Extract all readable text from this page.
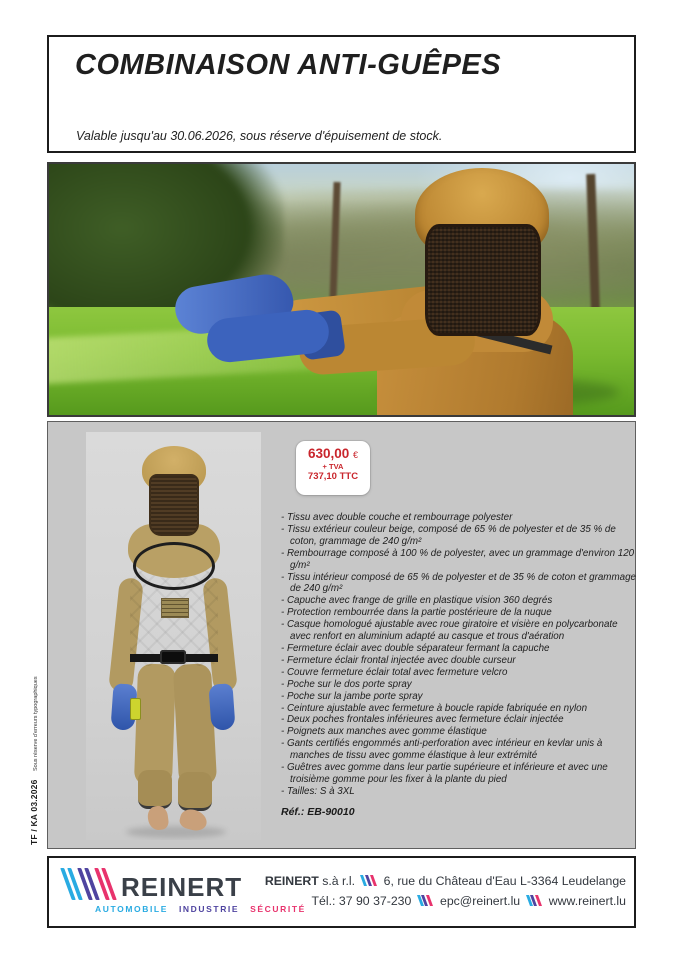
TF / KA 03.2026 Sous réserve d'erreurs typographiques
COMBINAISON ANTI-GUÊPES

Valable jusqu'au 30.06.2026, sous réserve d'épuisement de stock.

630,00 €
+ TVA
737,10 TTC
- Tissu avec double couche et rembourrage polyester
- Tissu extérieur couleur beige, composé de 65 % de polyester et de 35 % de coton, grammage de 240 g/m²
- Rembourrage composé à 100 % de polyester, avec un grammage d'environ 120 g/m²
- Tissu intérieur composé de 65 % de polyester et de 35 % de coton et grammage de 240 g/m²
- Capuche avec frange de grille en plastique vision 360 degrés
- Protection rembourrée dans la partie postérieure de la nuque
- Casque homologué ajustable avec roue giratoire et visière en polycarbonate avec renfort en aluminium adapté au casque et trous d'aération
- Fermeture éclair avec double séparateur fermant la capuche
- Fermeture éclair frontal injectée avec double curseur
- Couvre fermeture éclair total avec fermeture velcro
- Poche sur le dos porte spray
- Poche sur la jambe porte spray
- Ceinture ajustable avec fermeture à boucle rapide fabriquée en nylon
- Deux poches frontales inférieures avec fermeture éclair injectée
- Poignets aux manches avec gomme élastique
- Gants certifiés engommés anti-perforation avec intérieur en kevlar unis à manches de tissu avec gomme élastique à leur extrémité
- Guêtres avec gomme dans leur partie supérieure et inférieure et avec une troisième gomme pour les fixer à la plante du pied
- Tailles: S à 3XL

Réf.: EB-90010

REINERT
AUTOMOBILE INDUSTRIE SÉCURITÉ
REINERT s.à r.l. 6, rue du Château d'Eau L-3364 Leudelange
Tél.: 37 90 37-230 epc@reinert.lu www.reinert.lu
